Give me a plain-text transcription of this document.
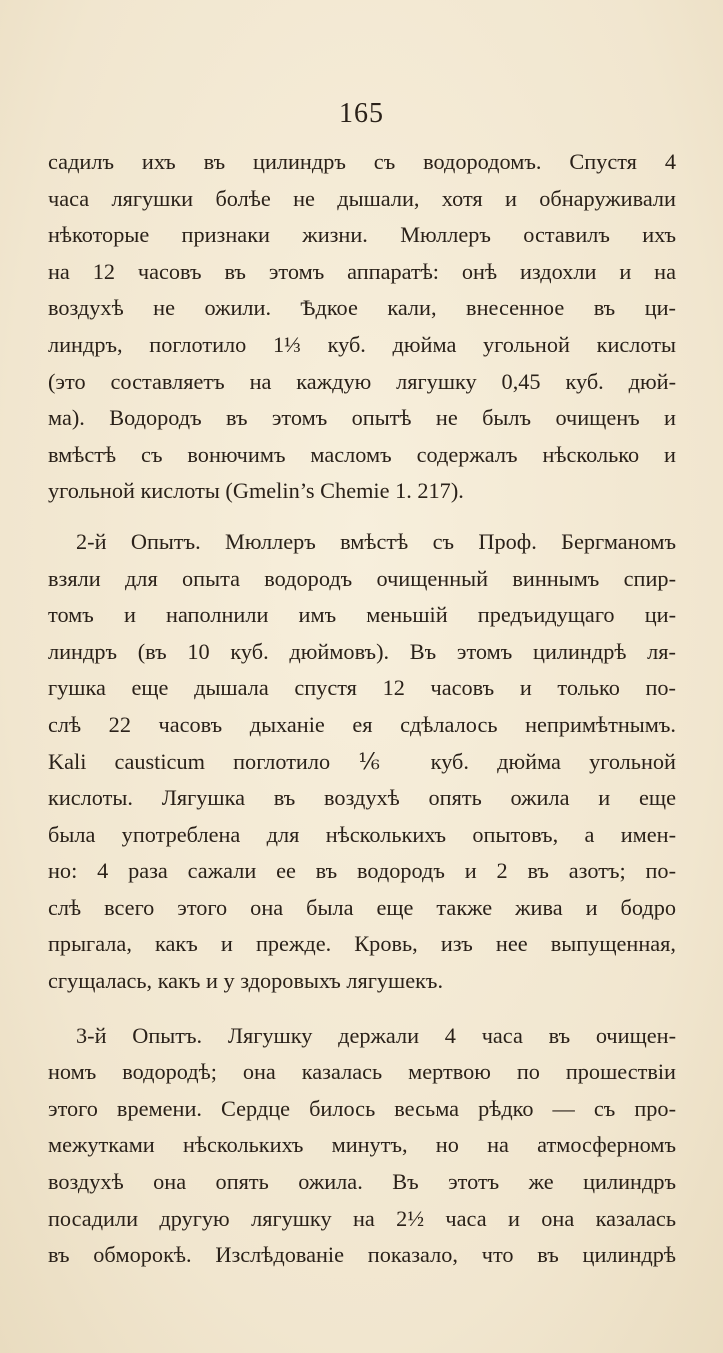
165
садилъ ихъ въ цилиндръ съ водородомъ. Спустя 4
часа лягушки болѣе не дышали, хотя и обнаруживали
нѣкоторые признаки жизни. Мюллеръ оставилъ ихъ
на 12 часовъ въ этомъ аппаратѣ: онѣ издохли и на
воздухѣ не ожили. Ѣдкое кали, внесенное въ ци-
линдръ, поглотило 1⅓ куб. дюйма угольной кислоты
(это составляетъ на каждую лягушку 0,45 куб. дюй-
ма). Водородъ въ этомъ опытѣ не былъ очищенъ и
вмѣстѣ съ вонючимъ масломъ содержалъ нѣсколько и
угольной кислоты (Gmelin’s Chemie 1. 217).
2-й Опытъ. Мюллеръ вмѣстѣ съ Проф. Бергманомъ
взяли для опыта водородъ очищенный виннымъ спир-
томъ и наполнили имъ меньшій предъидущаго ци-
линдръ (въ 10 куб. дюймовъ). Въ этомъ цилиндрѣ ля-
гушка еще дышала спустя 12 часовъ и только по-
слѣ 22 часовъ дыханіе ея сдѣлалось непримѣтнымъ.
Kali causticum поглотило ⅙ куб. дюйма угольной
кислоты. Лягушка въ воздухѣ опять ожила и еще
была употреблена для нѣсколькихъ опытовъ, а имен-
но: 4 раза сажали ее въ водородъ и 2 въ азотъ; по-
слѣ всего этого она была еще также жива и бодро
прыгала, какъ и прежде. Кровь, изъ нее выпущенная,
сгущалась, какъ и у здоровыхъ лягушекъ.
3-й Опытъ. Лягушку держали 4 часа въ очищен-
номъ водородѣ; она казалась мертвою по прошествіи
этого времени. Сердце билось весьма рѣдко — съ про-
межутками нѣсколькихъ минутъ, но на атмосферномъ
воздухѣ она опять ожила. Въ этотъ же цилиндръ
посадили другую лягушку на 2½ часа и она казалась
въ обморокѣ. Изслѣдованіе показало, что въ цилиндрѣ
